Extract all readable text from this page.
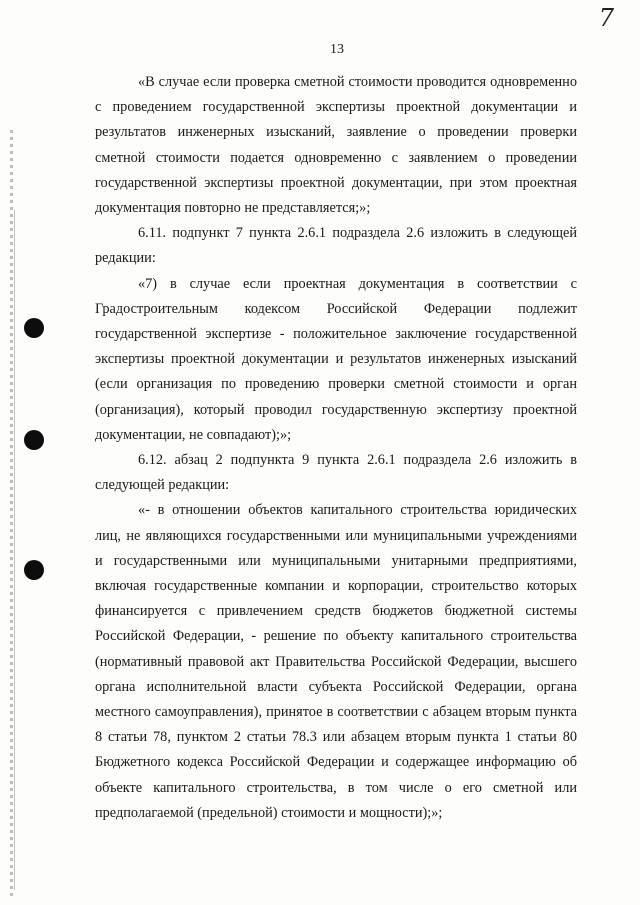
7
13

«В случае если проверка сметной стоимости проводится одновременно с проведением государственной экспертизы проектной документации и результатов инженерных изысканий, заявление о проведении проверки сметной стоимости подается одновременно с заявлением о проведении государственной экспертизы проектной документации, при этом проектная документация повторно не представляется;»;

6.11. подпункт 7 пункта 2.6.1 подраздела 2.6 изложить в следующей редакции:

«7) в случае если проектная документация в соответствии с Градостроительным кодексом Российской Федерации подлежит государственной экспертизе - положительное заключение государственной экспертизы проектной документации и результатов инженерных изысканий (если организация по проведению проверки сметной стоимости и орган (организация), который проводил государственную экспертизу проектной документации, не совпадают);»;

6.12. абзац 2 подпункта 9 пункта 2.6.1 подраздела 2.6 изложить в следующей редакции:

«- в отношении объектов капитального строительства юридических лиц, не являющихся государственными или муниципальными учреждениями и государственными или муниципальными унитарными предприятиями, включая государственные компании и корпорации, строительство которых финансируется с привлечением средств бюджетов бюджетной системы Российской Федерации, - решение по объекту капитального строительства (нормативный правовой акт Правительства Российской Федерации, высшего органа исполнительной власти субъекта Российской Федерации, органа местного самоуправления), принятое в соответствии с абзацем вторым пункта 8 статьи 78, пунктом 2 статьи 78.3 или абзацем вторым пункта 1 статьи 80 Бюджетного кодекса Российской Федерации и содержащее информацию об объекте капитального строительства, в том числе о его сметной или предполагаемой (предельной) стоимости и мощности);»;
